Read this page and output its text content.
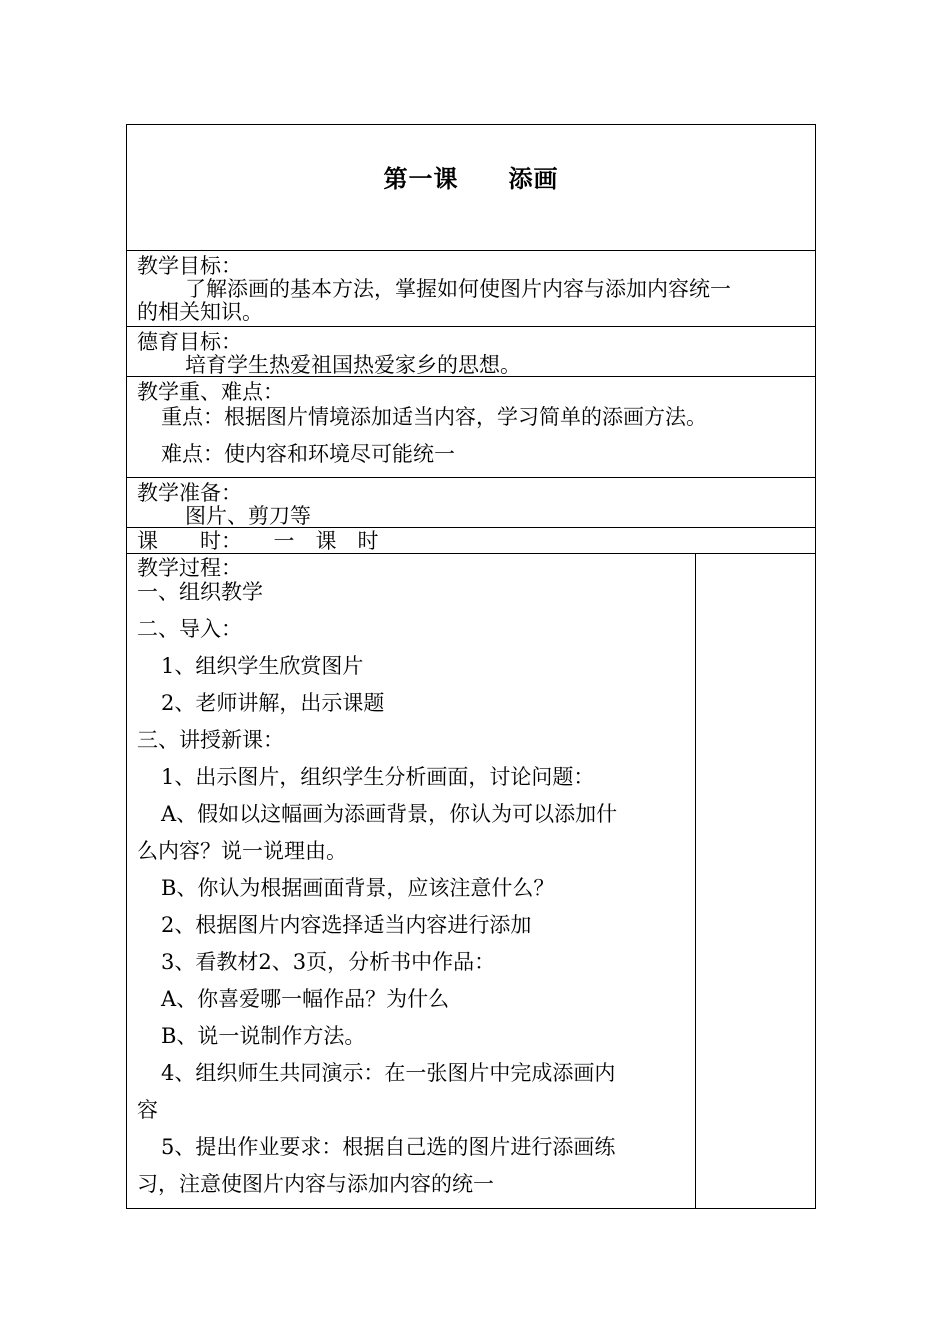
第一课　　添画
教学目标：
了解添画的基本方法，掌握如何使图片内容与添加内容统一
的相关知识。
德育目标：
培育学生热爱祖国热爱家乡的思想。
教学重、难点：
重点：根据图片情境添加适当内容，学习简单的添画方法。
难点：使内容和环境尽可能统一
教学准备：
图片、剪刀等
课　　时：　　一　课　时
教学过程：
一、组织教学
二、导入：
1、组织学生欣赏图片
2、老师讲解，出示课题
三、讲授新课：
1、出示图片，组织学生分析画面，讨论问题：
A、假如以这幅画为添画背景，你认为可以添加什
么内容？说一说理由。
B、你认为根据画面背景，应该注意什么？
2、根据图片内容选择适当内容进行添加
3、看教材2、3页，分析书中作品：
A、你喜爱哪一幅作品？为什么
B、说一说制作方法。
4、组织师生共同演示：在一张图片中完成添画内
容
5、提出作业要求：根据自己选的图片进行添画练
习，注意使图片内容与添加内容的统一
